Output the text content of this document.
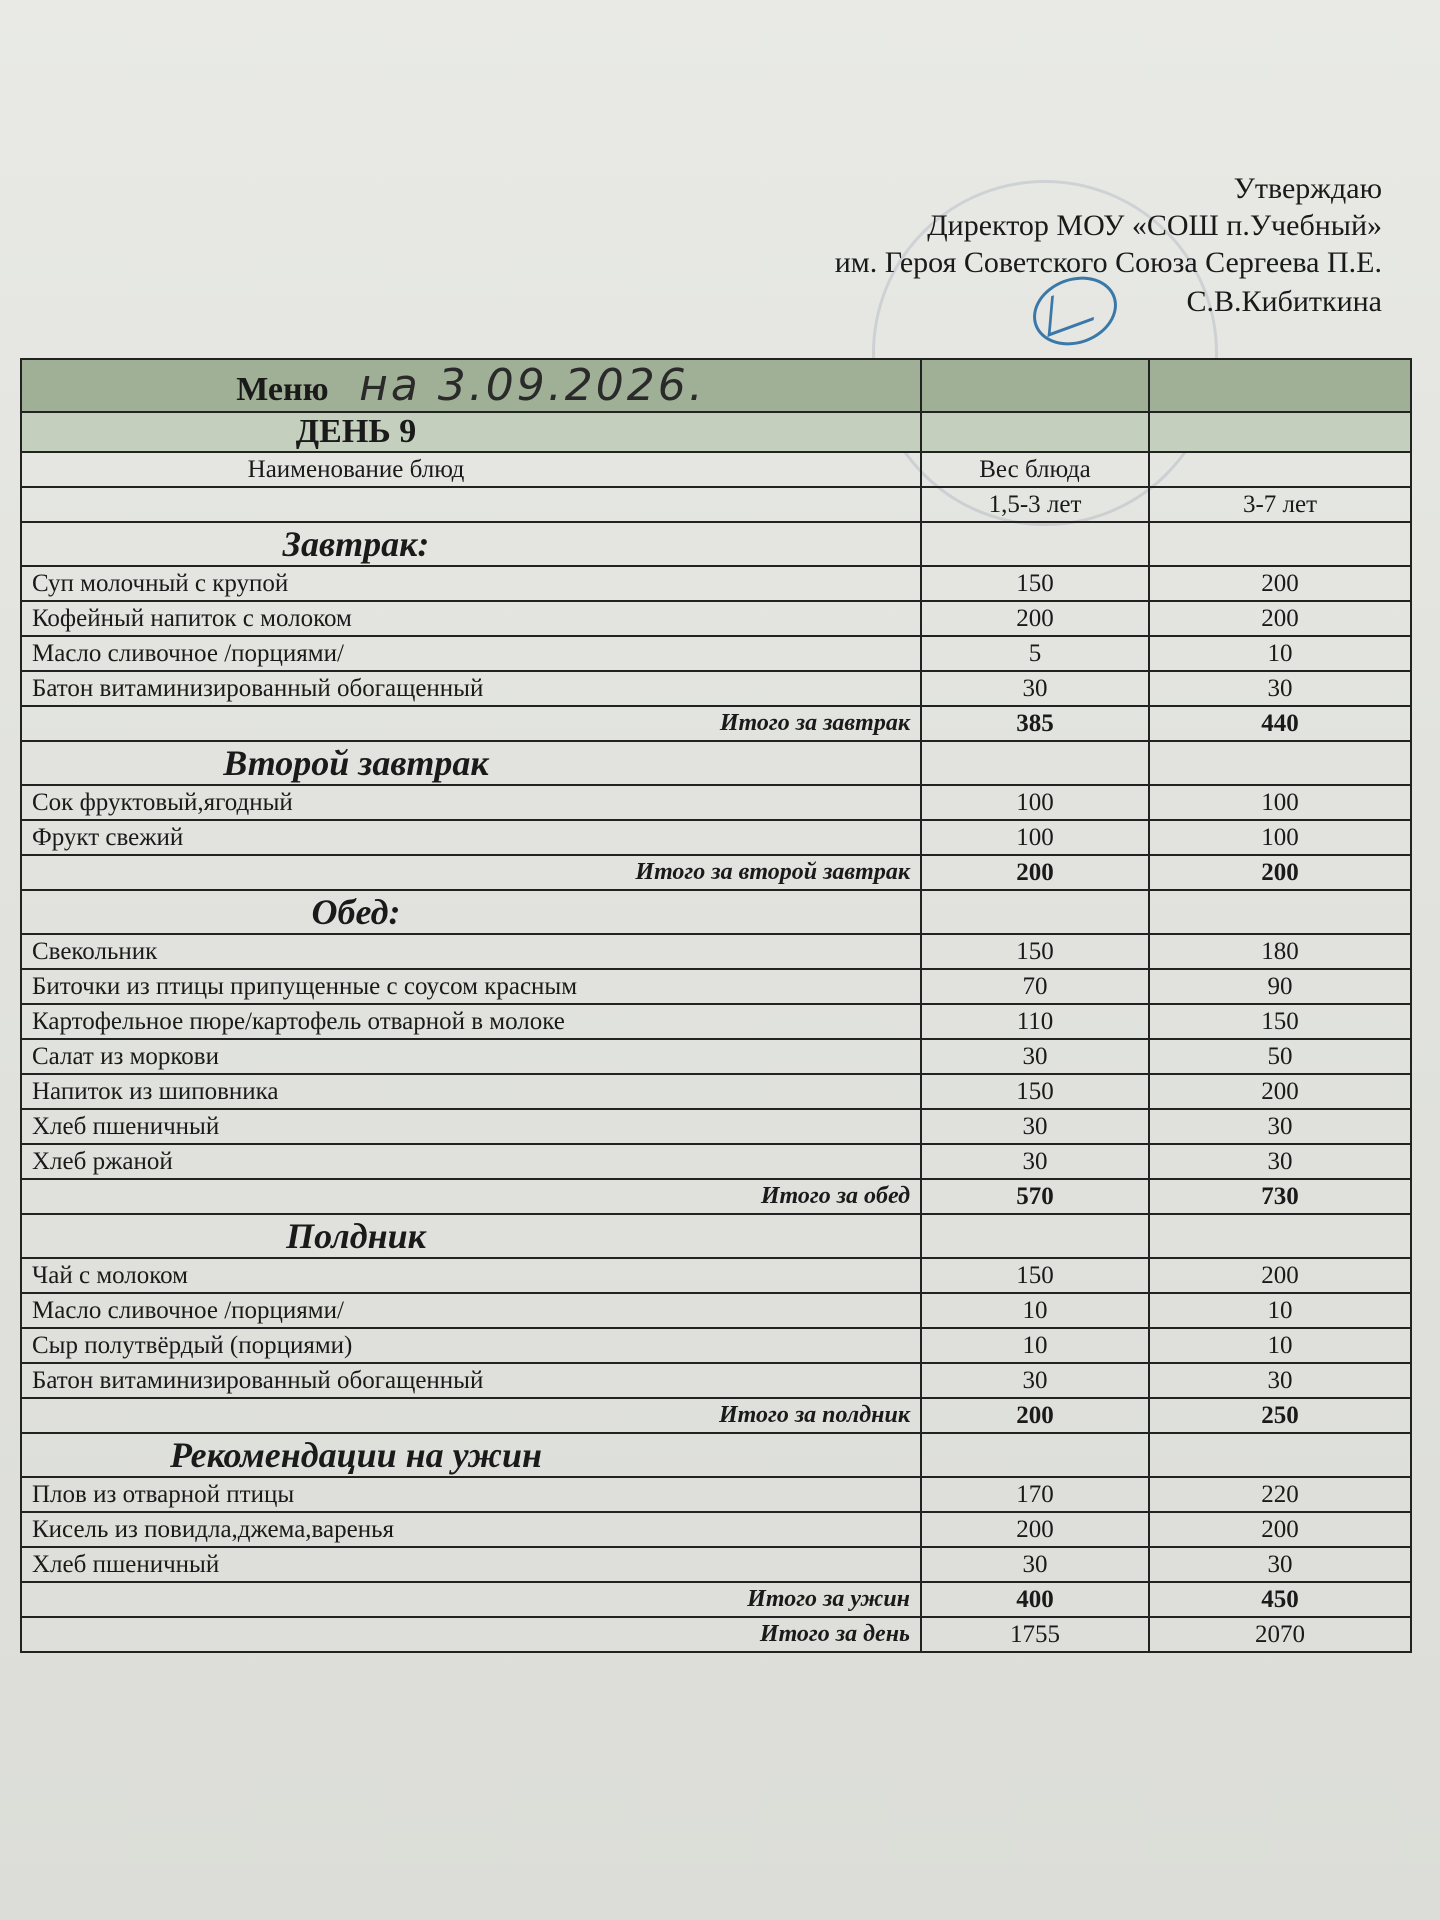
Утверждаю
Директор МОУ «СОШ п.Учебный»
им. Героя Советского Союза Сергеева П.Е.
С.В.Кибиткина
Меню на 3.09.2026.		
ДЕНЬ 9		
Наименование блюд	Вес блюда	
	1,5-3 лет	3-7 лет
Завтрак:		
Суп молочный с крупой	150	200
Кофейный напиток с молоком	200	200
Масло сливочное /порциями/	5	10
Батон витаминизированный обогащенный	30	30
Итого за завтрак	385	440
Второй завтрак		
Сок фруктовый,ягодный	100	100
Фрукт свежий	100	100
Итого за второй завтрак	200	200
Обед:		
Свекольник	150	180
Биточки из птицы припущенные с соусом красным	70	90
Картофельное пюре/картофель отварной в молоке	110	150
Салат из моркови	30	50
Напиток из шиповника	150	200
Хлеб пшеничный	30	30
Хлеб ржаной	30	30
Итого за обед	570	730
Полдник		
Чай с молоком	150	200
Масло сливочное /порциями/	10	10
Сыр полутвёрдый (порциями)	10	10
Батон витаминизированный обогащенный	30	30
Итого за полдник	200	250
Рекомендации на ужин		
Плов из отварной птицы	170	220
Кисель из повидла,джема,варенья	200	200
Хлеб пшеничный	30	30
Итого за ужин	400	450
Итого за день	1755	2070
